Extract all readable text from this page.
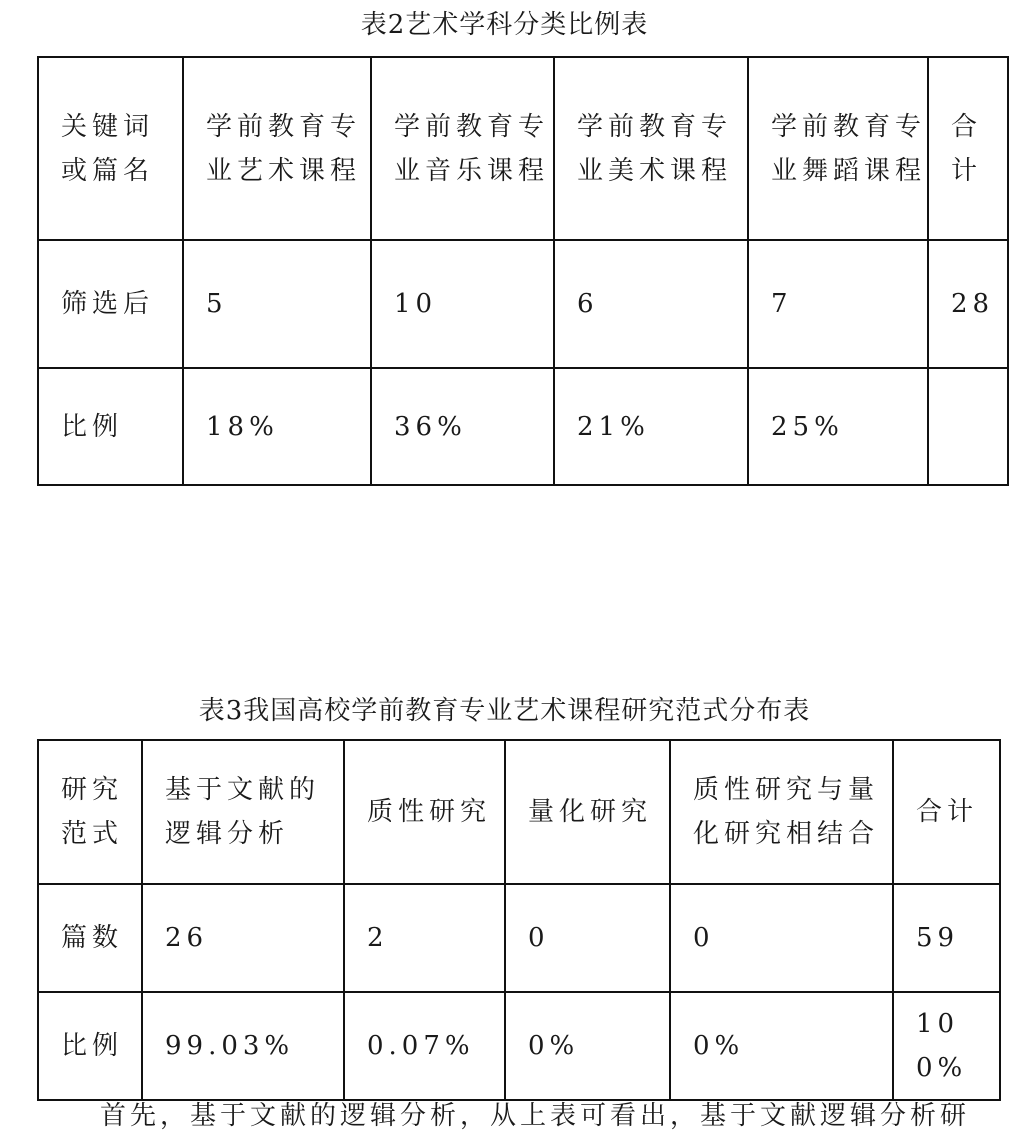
表2艺术学科分类比例表
关键词或篇名	学前教育专业艺术课程	学前教育专业音乐课程	学前教育专业美术课程	学前教育专业舞蹈课程	合计
筛选后	5	10	6	7	28
比例	18%	36%	21%	25%	
表3我国高校学前教育专业艺术课程研究范式分布表
研究范式	基于文献的逻辑分析	质性研究	量化研究	质性研究与量化研究相结合	合计
篇数	26	2	0	0	59
比例	99.03%	0.07%	0%	0%	100%
首先，基于文献的逻辑分析，从上表可看出，基于文献逻辑分析研
